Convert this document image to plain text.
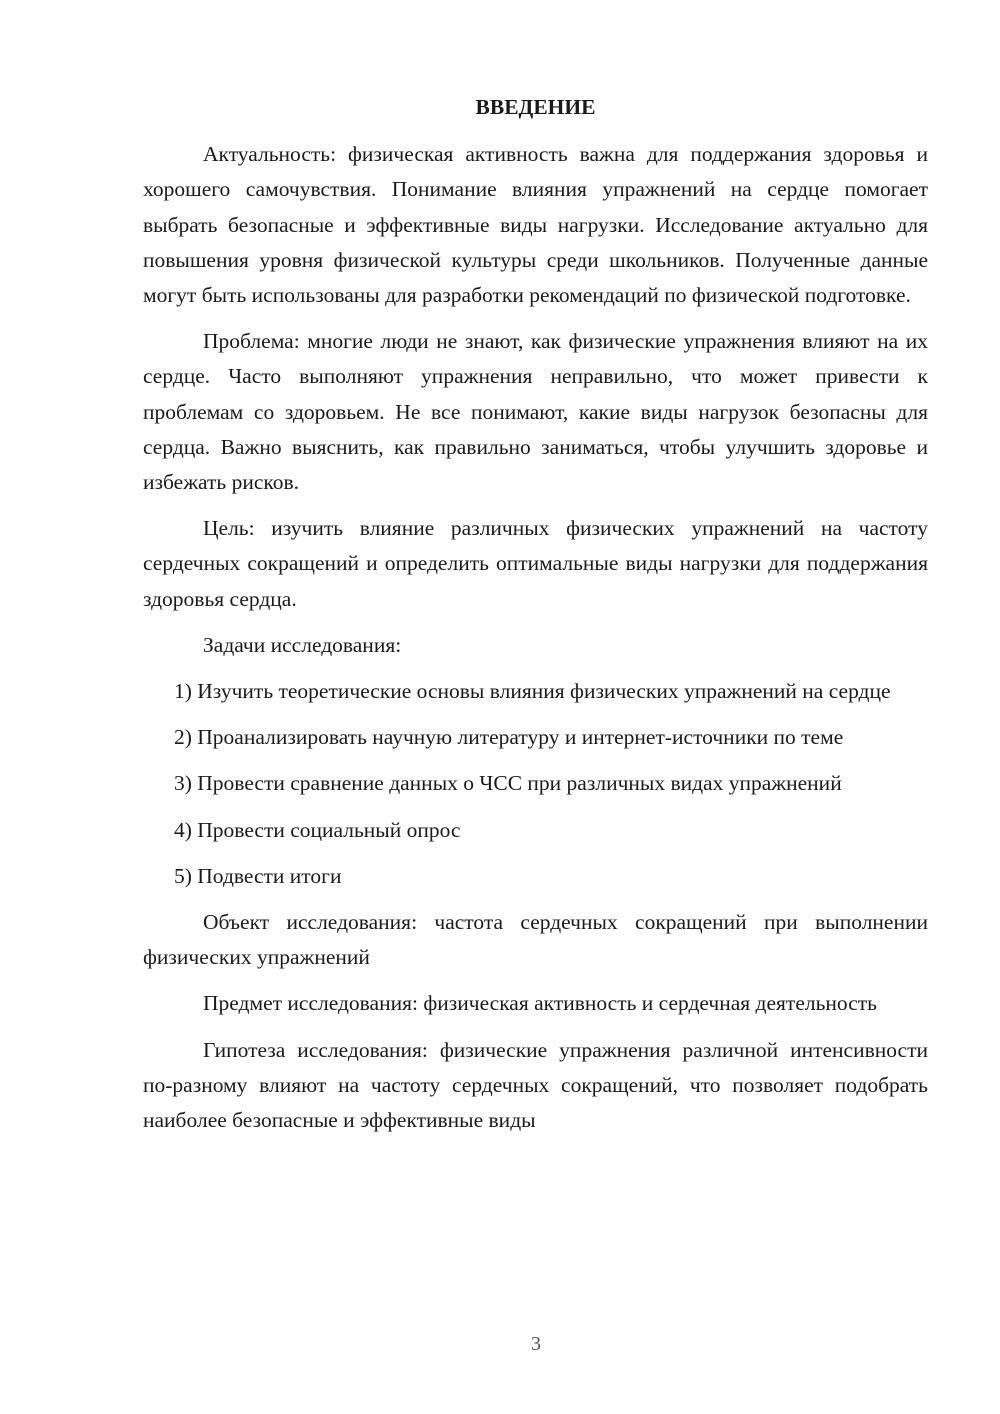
ВВЕДЕНИЕ

Актуальность: физическая активность важна для поддержания здоровья и хорошего самочувствия. Понимание влияния упражнений на сердце помогает выбрать безопасные и эффективные виды нагрузки. Исследование актуально для повышения уровня физической культуры среди школьников. Полученные данные могут быть использованы для разработки рекомендаций по физической подготовке.

Проблема: многие люди не знают, как физические упражнения влияют на их сердце. Часто выполняют упражнения неправильно, что может привести к проблемам со здоровьем. Не все понимают, какие виды нагрузок безопасны для сердца. Важно выяснить, как правильно заниматься, чтобы улучшить здоровье и избежать рисков.

Цель: изучить влияние различных физических упражнений на частоту сердечных сокращений и определить оптимальные виды нагрузки для поддержания здоровья сердца.

Задачи исследования:

1) Изучить теоретические основы влияния физических упражнений на сердце

2) Проанализировать научную литературу и интернет-источники по теме

3) Провести сравнение данных о ЧСС при различных видах упражнений

4) Провести социальный опрос

5) Подвести итоги

Объект исследования: частота сердечных сокращений при выполнении физических упражнений

Предмет исследования: физическая активность и сердечная деятельность

Гипотеза исследования: физические упражнения различной интенсивности по-разному влияют на частоту сердечных сокращений, что позволяет подобрать наиболее безопасные и эффективные виды

3
